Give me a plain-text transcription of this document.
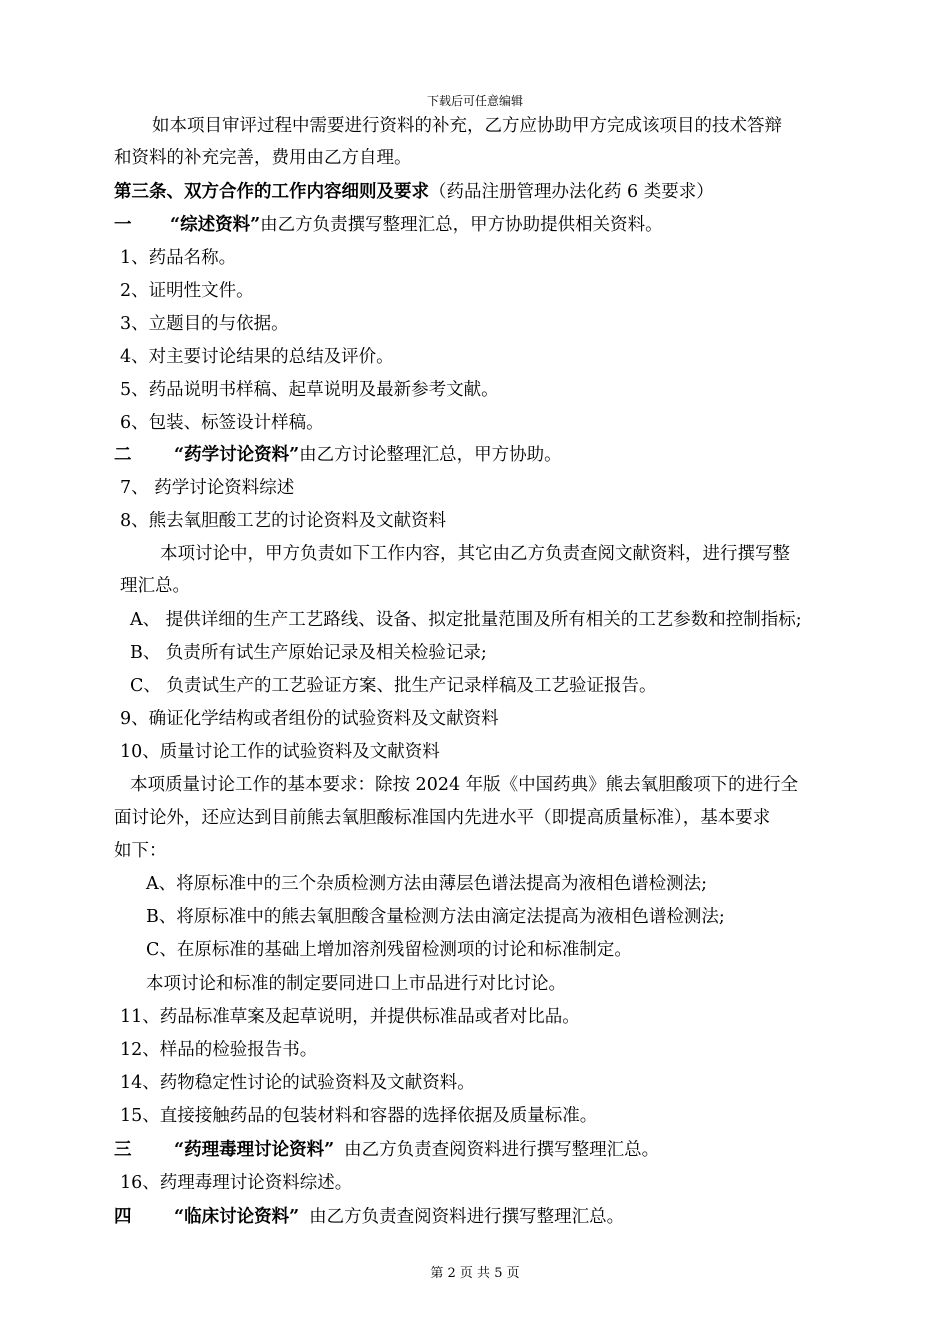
下载后可任意编辑
如本项目审评过程中需要进行资料的补充，乙方应协助甲方完成该项目的技术答辩
和资料的补充完善，费用由乙方自理。
第三条、双方合作的工作内容细则及要求（药品注册管理办法化药 6 类要求）
一 “综述资料”由乙方负责撰写整理汇总，甲方协助提供相关资料。
1、药品名称。
2、证明性文件。
3、立题目的与依据。
4、对主要讨论结果的总结及评价。
5、药品说明书样稿、起草说明及最新参考文献。
6、包装、标签设计样稿。
二 “药学讨论资料”由乙方讨论整理汇总，甲方协助。
7、 药学讨论资料综述
8、熊去氧胆酸工艺的讨论资料及文献资料
本项讨论中，甲方负责如下工作内容，其它由乙方负责查阅文献资料，进行撰写整
理汇总。
A、 提供详细的生产工艺路线、设备、拟定批量范围及所有相关的工艺参数和控制指标;
B、 负责所有试生产原始记录及相关检验记录;
C、 负责试生产的工艺验证方案、批生产记录样稿及工艺验证报告。
9、确证化学结构或者组份的试验资料及文献资料
10、质量讨论工作的试验资料及文献资料
本项质量讨论工作的基本要求：除按 2024 年版《中国药典》熊去氧胆酸项下的进行全
面讨论外，还应达到目前熊去氧胆酸标准国内先进水平（即提高质量标准），基本要求
如下：
A、将原标准中的三个杂质检测方法由薄层色谱法提高为液相色谱检测法;
B、将原标准中的熊去氧胆酸含量检测方法由滴定法提高为液相色谱检测法;
C、在原标准的基础上增加溶剂残留检测项的讨论和标准制定。
本项讨论和标准的制定要同进口上市品进行对比讨论。
11、药品标准草案及起草说明，并提供标准品或者对比品。
12、样品的检验报告书。
14、药物稳定性讨论的试验资料及文献资料。
15、直接接触药品的包装材料和容器的选择依据及质量标准。
三 “药理毒理讨论资料” 由乙方负责查阅资料进行撰写整理汇总。
16、药理毒理讨论资料综述。
四 “临床讨论资料” 由乙方负责查阅资料进行撰写整理汇总。
第 2 页 共 5 页
